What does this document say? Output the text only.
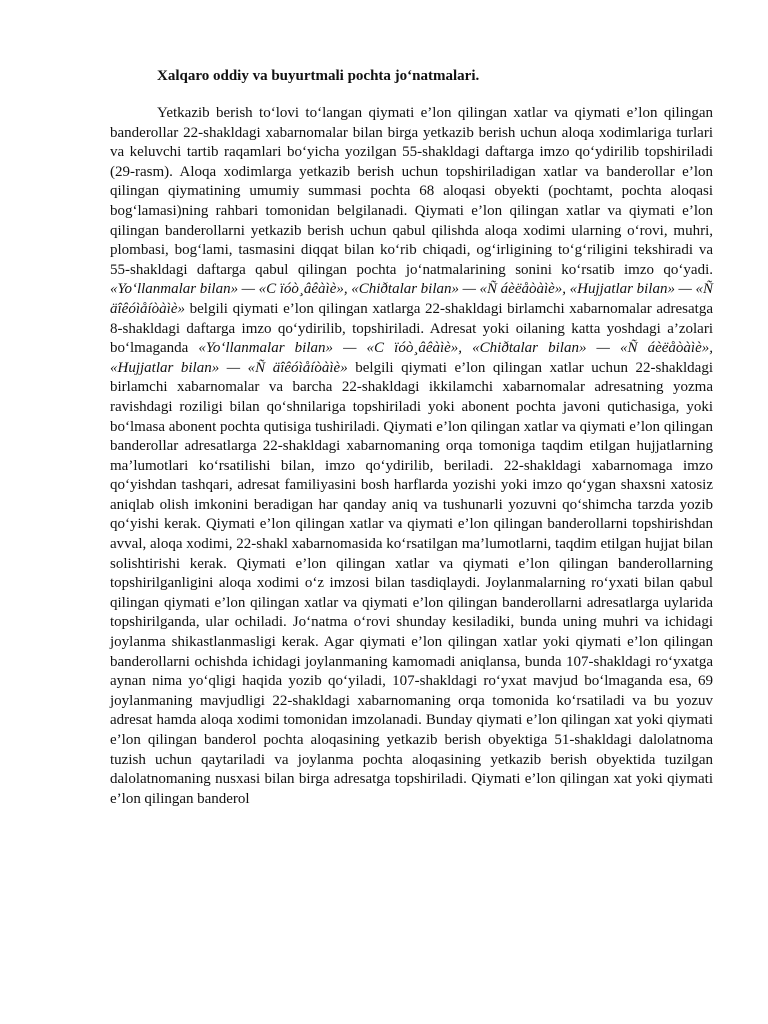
Xalqaro oddiy va buyurtmali pochta jo‘natmalari.

Yetkazib berish to‘lovi to‘langan qiymati e’lon qilingan xatlar va qiymati e’lon qilingan banderollar 22-shakldagi xabarnomalar bilan birga yetkazib berish uchun aloqa xodimlariga turlari va keluvchi tartib raqamlari bo‘yicha yozilgan 55-shakldagi daftarga imzo qo‘ydirilib topshiriladi (29-rasm). Aloqa xodimlarga yetkazib berish uchun topshiriladigan xatlar va banderollar e’lon qilingan qiymatining umumiy summasi pochta 68 aloqasi obyekti (pochtamt, pochta aloqasi bog‘lamasi)ning rahbari tomonidan belgilanadi. Qiymati e’lon qilingan xatlar va qiymati e’lon qilingan banderollarni yetkazib berish uchun qabul qilishda aloqa xodimi ularning o‘rovi, muhri, plombasi, bog‘lami, tasmasini diqqat bilan ko‘rib chiqadi, og‘irligining to‘g‘riligini tekshiradi va 55-shakldagi daftarga qabul qilingan pochta jo‘natmalarining sonini ko‘rsatib imzo qo‘yadi. «Yo‘llanmalar bilan» — «С ïóò¸âêàìè», «Chiðtalar bilan» — «Ñ áèëåòàìè», «Hujjatlar bilan» — «Ñ äîêóìåíòàìè» belgili qiymati e’lon qilingan xatlarga 22-shakldagi birlamchi xabarnomalar adresatga 8-shakldagi daftarga imzo qo‘ydirilib, topshiriladi. Adresat yoki oilaning katta yoshdagi a’zolari bo‘lmaganda «Yo‘llanmalar bilan» — «С ïóò¸âêàìè», «Chiðtalar bilan» — «Ñ áèëåòàìè», «Hujjatlar bilan» — «Ñ äîêóìåíòàìè» belgili qiymati e’lon qilingan xatlar uchun 22-shakldagi birlamchi xabarnomalar va barcha 22-shakldagi ikkilamchi xabarnomalar adresatning yozma ravishdagi roziligi bilan qo‘shnilariga topshiriladi yoki abonent pochta javoni qutichasiga, yoki bo‘lmasa abonent pochta qutisiga tushiriladi. Qiymati e’lon qilingan xatlar va qiymati e’lon qilingan banderollar adresatlarga 22-shakldagi xabarnomaning orqa tomoniga taqdim etilgan hujjatlarning ma’lumotlari ko‘rsatilishi bilan, imzo qo‘ydirilib, beriladi. 22-shakldagi xabarnomaga imzo qo‘yishdan tashqari, adresat familiyasini bosh harflarda yozishi yoki imzo qo‘ygan shaxsni xatosiz aniqlab olish imkonini beradigan har qanday aniq va tushunarli yozuvni qo‘shimcha tarzda yozib qo‘yishi kerak. Qiymati e’lon qilingan xatlar va qiymati e’lon qilingan banderollarni topshirishdan avval, aloqa xodimi, 22-shakl xabarnomasida ko‘rsatilgan ma’lumotlarni, taqdim etilgan hujjat bilan solishtirishi kerak. Qiymati e’lon qilingan xatlar va qiymati e’lon qilingan banderollarning topshirilganligini aloqa xodimi o‘z imzosi bilan tasdiqlaydi. Joylanmalarning ro‘yxati bilan qabul qilingan qiymati e’lon qilingan xatlar va qiymati e’lon qilingan banderollarni adresatlarga uylarida topshirilganda, ular ochiladi. Jo‘natma o‘rovi shunday kesiladiki, bunda uning muhri va ichidagi joylanma shikastlanmasligi kerak. Agar qiymati e’lon qilingan xatlar yoki qiymati e’lon qilingan banderollarni ochishda ichidagi joylanmaning kamomadi aniqlansa, bunda 107-shakldagi ro‘yxatga aynan nima yo‘qligi haqida yozib qo‘yiladi, 107-shakldagi ro‘yxat mavjud bo‘lmaganda esa, 69 joylanmaning mavjudligi 22-shakldagi xabarnomaning orqa tomonida ko‘rsatiladi va bu yozuv adresat hamda aloqa xodimi tomonidan imzolanadi. Bunday qiymati e’lon qilingan xat yoki qiymati e’lon qilingan banderol pochta aloqasining yetkazib berish obyektiga 51-shakldagi dalolatnoma tuzish uchun qaytariladi va joylanma pochta aloqasining yetkazib berish obyektida tuzilgan dalolatnomaning nusxasi bilan birga adresatga topshiriladi. Qiymati e’lon qilingan xat yoki qiymati e’lon qilingan banderol
